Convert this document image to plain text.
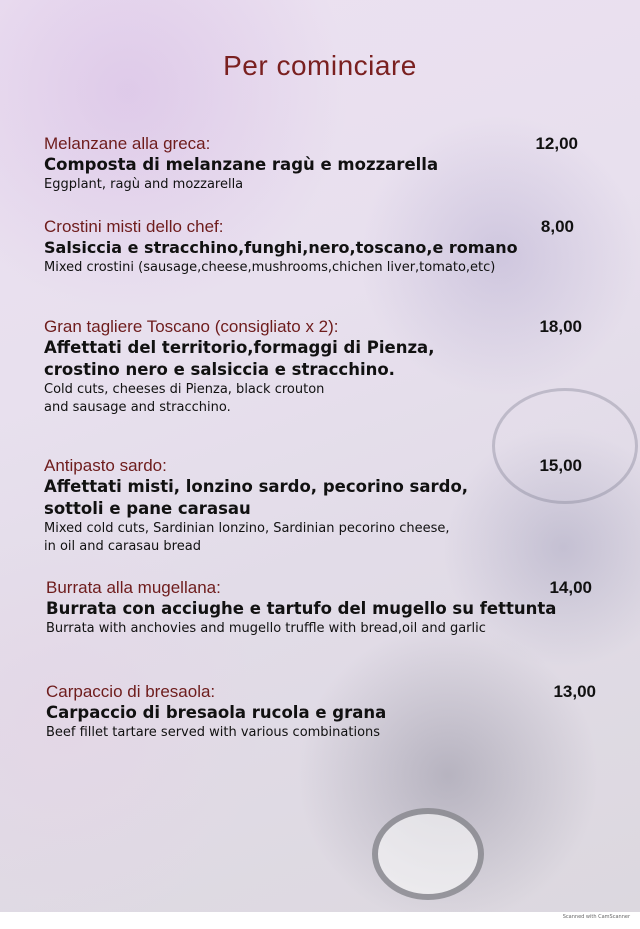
Per cominciare
Melanzane alla greca:	12,00
Composta di melanzane ragù e mozzarella
Eggplant, ragù and mozzarella
Crostini misti dello chef:	8,00
Salsiccia e stracchino,funghi,nero,toscano,e romano
Mixed crostini (sausage,cheese,mushrooms,chichen liver,tomato,etc)
Gran tagliere Toscano (consigliato x 2):	18,00
Affettati del territorio,formaggi di Pienza,
crostino nero e salsiccia e stracchino.
Cold cuts, cheeses di Pienza, black crouton
and sausage and stracchino.
Antipasto sardo:	15,00
Affettati misti, lonzino sardo, pecorino sardo,
sottoli e pane carasau
Mixed cold cuts, Sardinian lonzino, Sardinian pecorino cheese,
in oil and carasau bread
Burrata alla mugellana:	14,00
Burrata con acciughe e tartufo del mugello su fettunta
Burrata with anchovies and mugello truffle with bread,oil and garlic
Carpaccio di bresaola:	13,00
Carpaccio di bresaola rucola e grana
Beef fillet tartare served with various combinations
Scanned with CamScanner
